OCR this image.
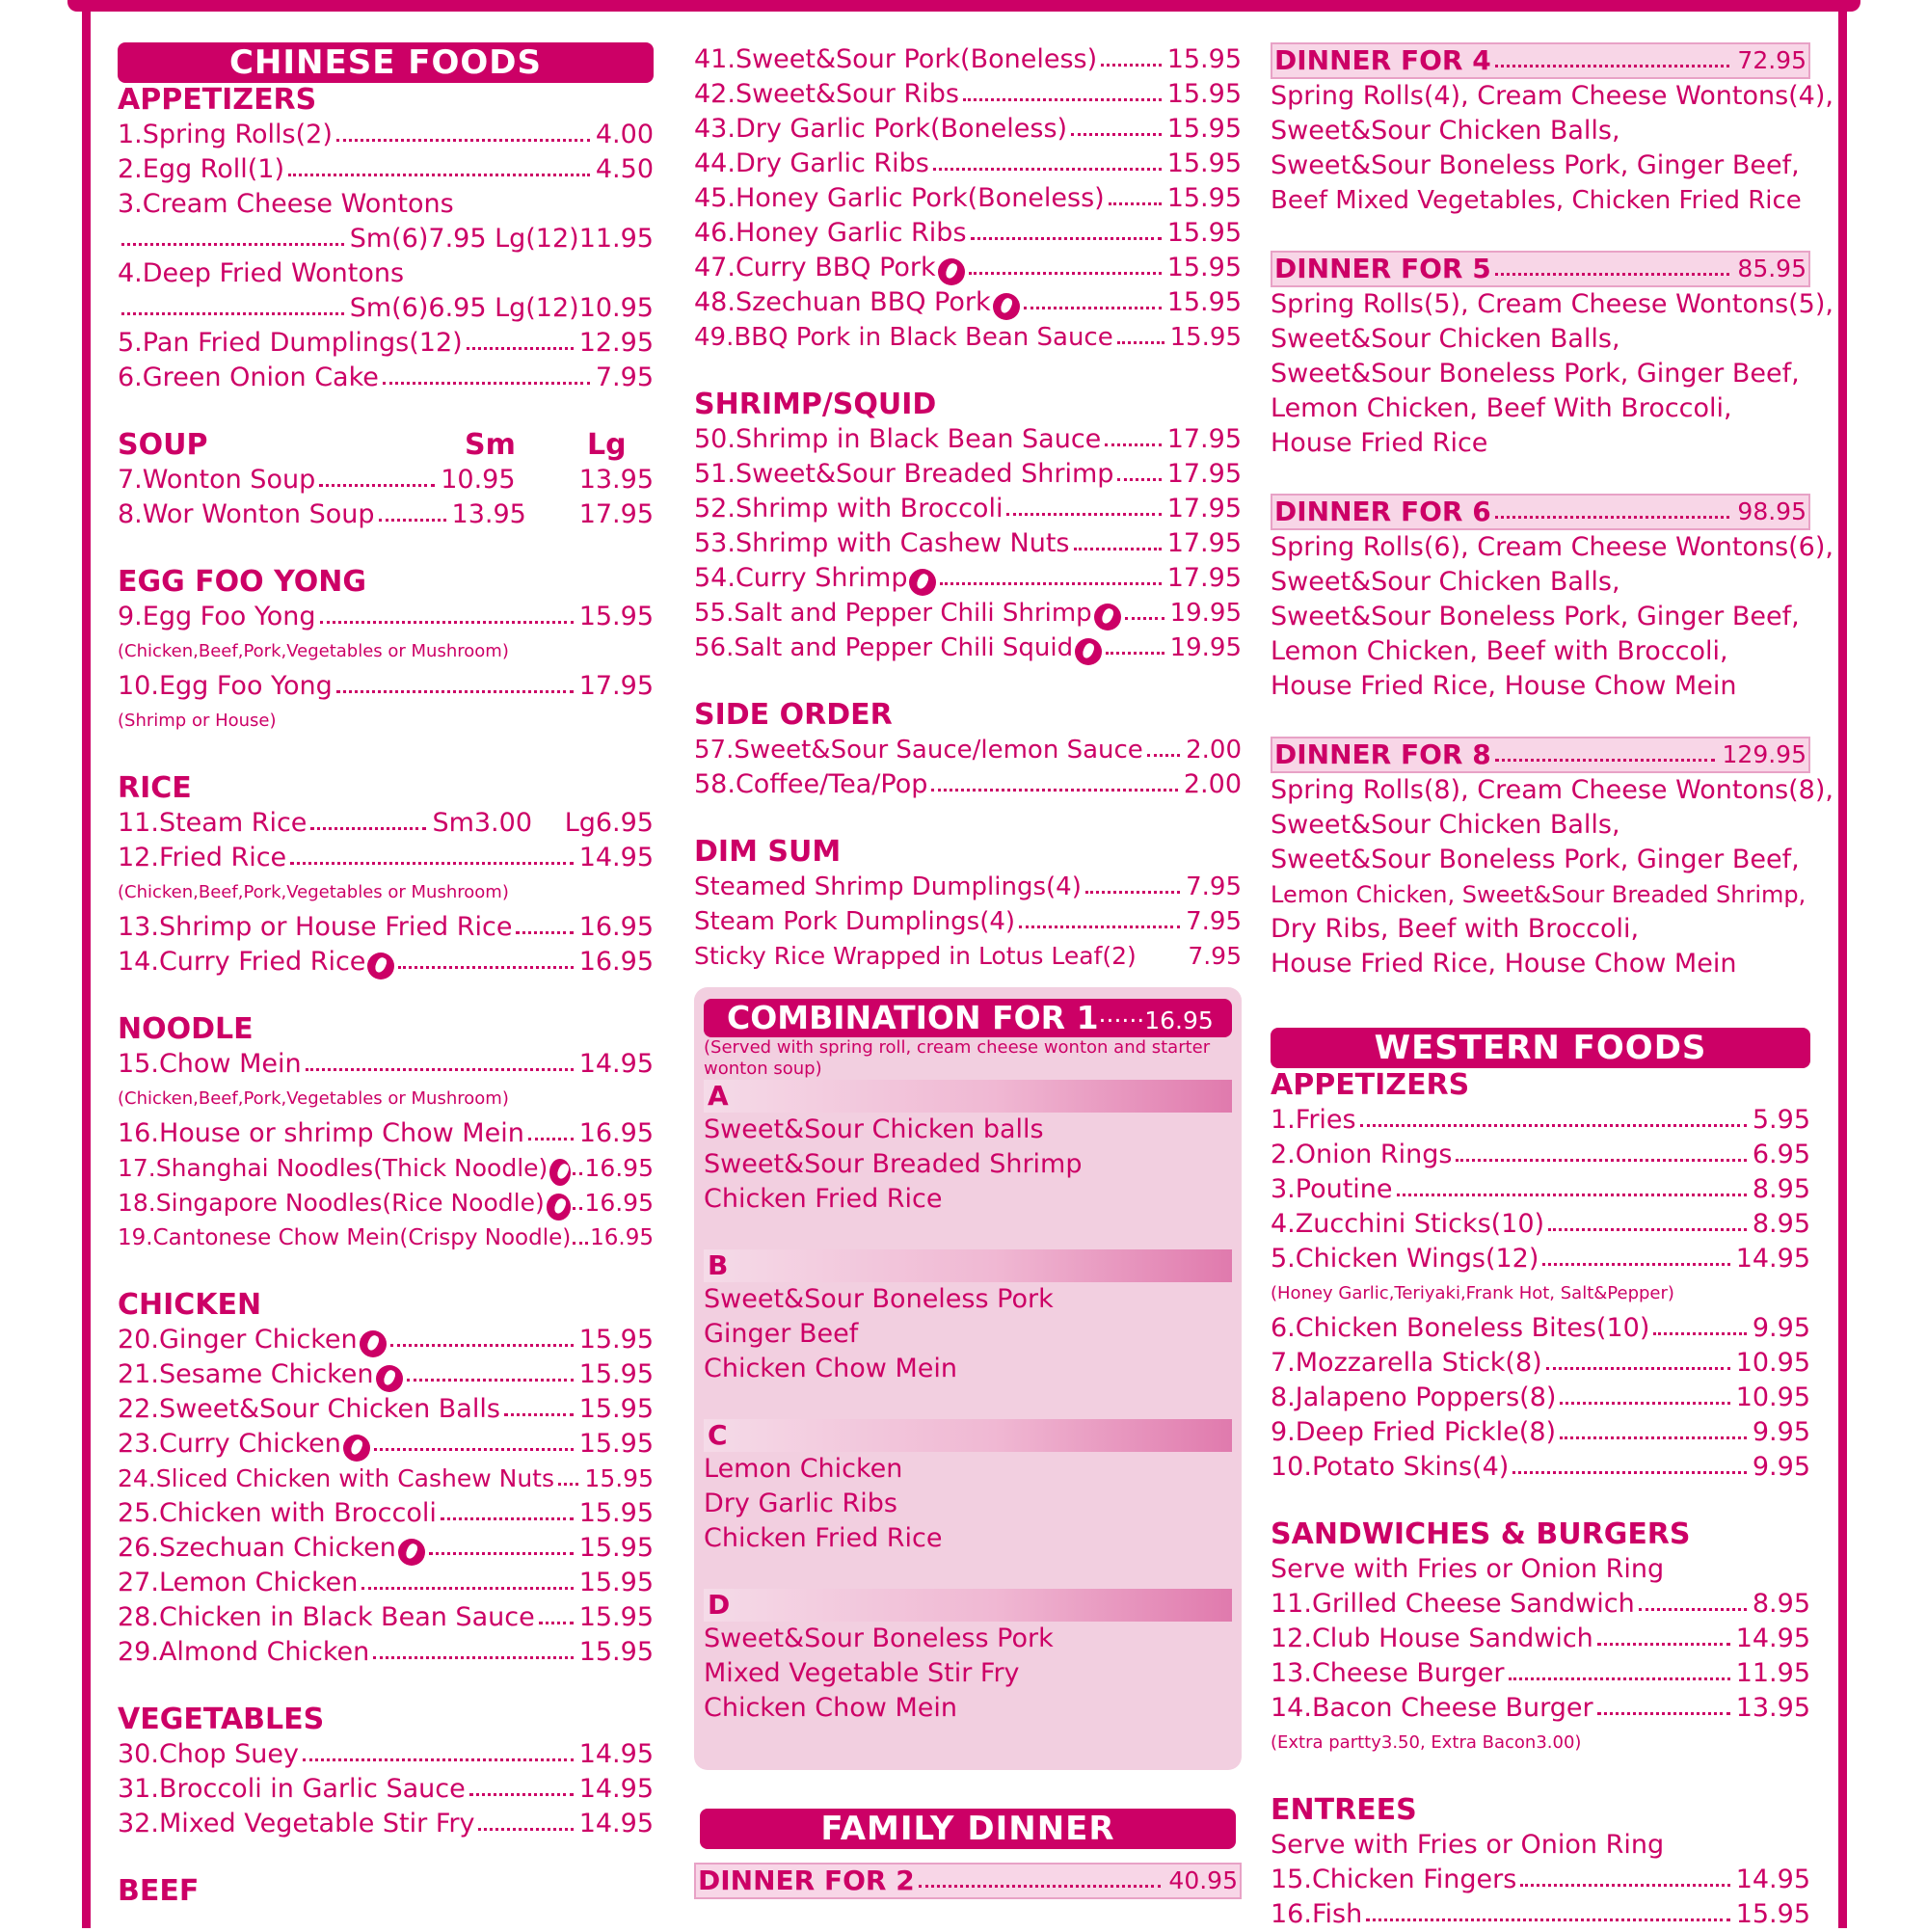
CHINESE FOODS
APPETIZERS
1.Spring Rolls(2)	4.00
2.Egg Roll(1)	4.50
3.Cream Cheese Wontons
Sm(6)7.95 Lg(12)11.95
4.Deep Fried Wontons
Sm(6)6.95 Lg(12)10.95
5.Pan Fried Dumplings(12)	12.95
6.Green Onion Cake	7.95
SOUP	Sm Lg
7.Wonton Soup	10.95 13.95
8.Wor Wonton Soup	13.95 17.95
EGG FOO YONG
9.Egg Foo Yong	15.95
(Chicken,Beef,Pork,Vegetables or Mushroom)
10.Egg Foo Yong	17.95
(Shrimp or House)
RICE
11.Steam Rice	Sm3.00 Lg6.95
12.Fried Rice	14.95
(Chicken,Beef,Pork,Vegetables or Mushroom)
13.Shrimp or House Fried Rice	16.95
14.Curry Fried Rice	16.95
NOODLE
15.Chow Mein	14.95
(Chicken,Beef,Pork,Vegetables or Mushroom)
16.House or shrimp Chow Mein 16.95
17.Shanghai Noodles(Thick Noodle) 16.95
18.Singapore Noodles(Rice Noodle) 16.95
19.Cantonese Chow Mein(Crispy Noodle) 16.95
CHICKEN
20.Ginger Chicken	15.95
21.Sesame Chicken	15.95
22.Sweet&Sour Chicken Balls	15.95
23.Curry Chicken	15.95
24.Sliced Chicken with Cashew Nuts 15.95
25.Chicken with Broccoli	15.95
26.Szechuan Chicken	15.95
27.Lemon Chicken	15.95
28.Chicken in Black Bean Sauce 15.95
29.Almond Chicken	15.95
VEGETABLES
30.Chop Suey	14.95
31.Broccoli in Garlic Sauce	14.95
32.Mixed Vegetable Stir Fry	14.95
BEEF
41.Sweet&Sour Pork(Boneless)	15.95
42.Sweet&Sour Ribs	15.95
43.Dry Garlic Pork(Boneless)	15.95
44.Dry Garlic Ribs	15.95
45.Honey Garlic Pork(Boneless) 15.95
46.Honey Garlic Ribs	15.95
47.Curry BBQ Pork	15.95
48.Szechuan BBQ Pork	15.95
49.BBQ Pork in Black Bean Sauce 15.95
SHRIMP/SQUID
50.Shrimp in Black Bean Sauce	17.95
51.Sweet&Sour Breaded Shrimp 17.95
52.Shrimp with Broccoli	17.95
53.Shrimp with Cashew Nuts	17.95
54.Curry Shrimp	17.95
55.Salt and Pepper Chili Shrimp	19.95
56.Salt and Pepper Chili Squid	19.95
SIDE ORDER
57.Sweet&Sour Sauce/lemon Sauce 2.00
58.Coffee/Tea/Pop	2.00
DIM SUM
Steamed Shrimp Dumplings(4)	7.95
Steam Pork Dumplings(4)	7.95
Sticky Rice Wrapped in Lotus Leaf(2) 7.95
COMBINATION FOR 1······16.95
(Served with spring roll, cream cheese wonton and starter wonton soup)
A
Sweet&Sour Chicken balls
Sweet&Sour Breaded Shrimp
Chicken Fried Rice
B
Sweet&Sour Boneless Pork
Ginger Beef
Chicken Chow Mein
C
Lemon Chicken
Dry Garlic Ribs
Chicken Fried Rice
D
Sweet&Sour Boneless Pork
Mixed Vegetable Stir Fry
Chicken Chow Mein
FAMILY DINNER
DINNER FOR 2	40.95
DINNER FOR 4	72.95
Spring Rolls(4), Cream Cheese Wontons(4),
Sweet&Sour Chicken Balls,
Sweet&Sour Boneless Pork, Ginger Beef,
Beef Mixed Vegetables, Chicken Fried Rice
DINNER FOR 5	85.95
Spring Rolls(5), Cream Cheese Wontons(5),
Sweet&Sour Chicken Balls,
Sweet&Sour Boneless Pork, Ginger Beef,
Lemon Chicken, Beef With Broccoli,
House Fried Rice
DINNER FOR 6	98.95
Spring Rolls(6), Cream Cheese Wontons(6),
Sweet&Sour Chicken Balls,
Sweet&Sour Boneless Pork, Ginger Beef,
Lemon Chicken, Beef with Broccoli,
House Fried Rice, House Chow Mein
DINNER FOR 8	129.95
Spring Rolls(8), Cream Cheese Wontons(8),
Sweet&Sour Chicken Balls,
Sweet&Sour Boneless Pork, Ginger Beef,
Lemon Chicken, Sweet&Sour Breaded Shrimp,
Dry Ribs, Beef with Broccoli,
House Fried Rice, House Chow Mein
WESTERN FOODS
APPETIZERS
1.Fries	5.95
2.Onion Rings	6.95
3.Poutine	8.95
4.Zucchini Sticks(10)	8.95
5.Chicken Wings(12)	14.95
(Honey Garlic,Teriyaki,Frank Hot, Salt&Pepper)
6.Chicken Boneless Bites(10)	9.95
7.Mozzarella Stick(8)	10.95
8.Jalapeno Poppers(8)	10.95
9.Deep Fried Pickle(8)	9.95
10.Potato Skins(4)	9.95
SANDWICHES & BURGERS
Serve with Fries or Onion Ring
11.Grilled Cheese Sandwich	8.95
12.Club House Sandwich	14.95
13.Cheese Burger	11.95
14.Bacon Cheese Burger	13.95
(Extra partty3.50, Extra Bacon3.00)
ENTREES
Serve with Fries or Onion Ring
15.Chicken Fingers	14.95
16.Fish	15.95
